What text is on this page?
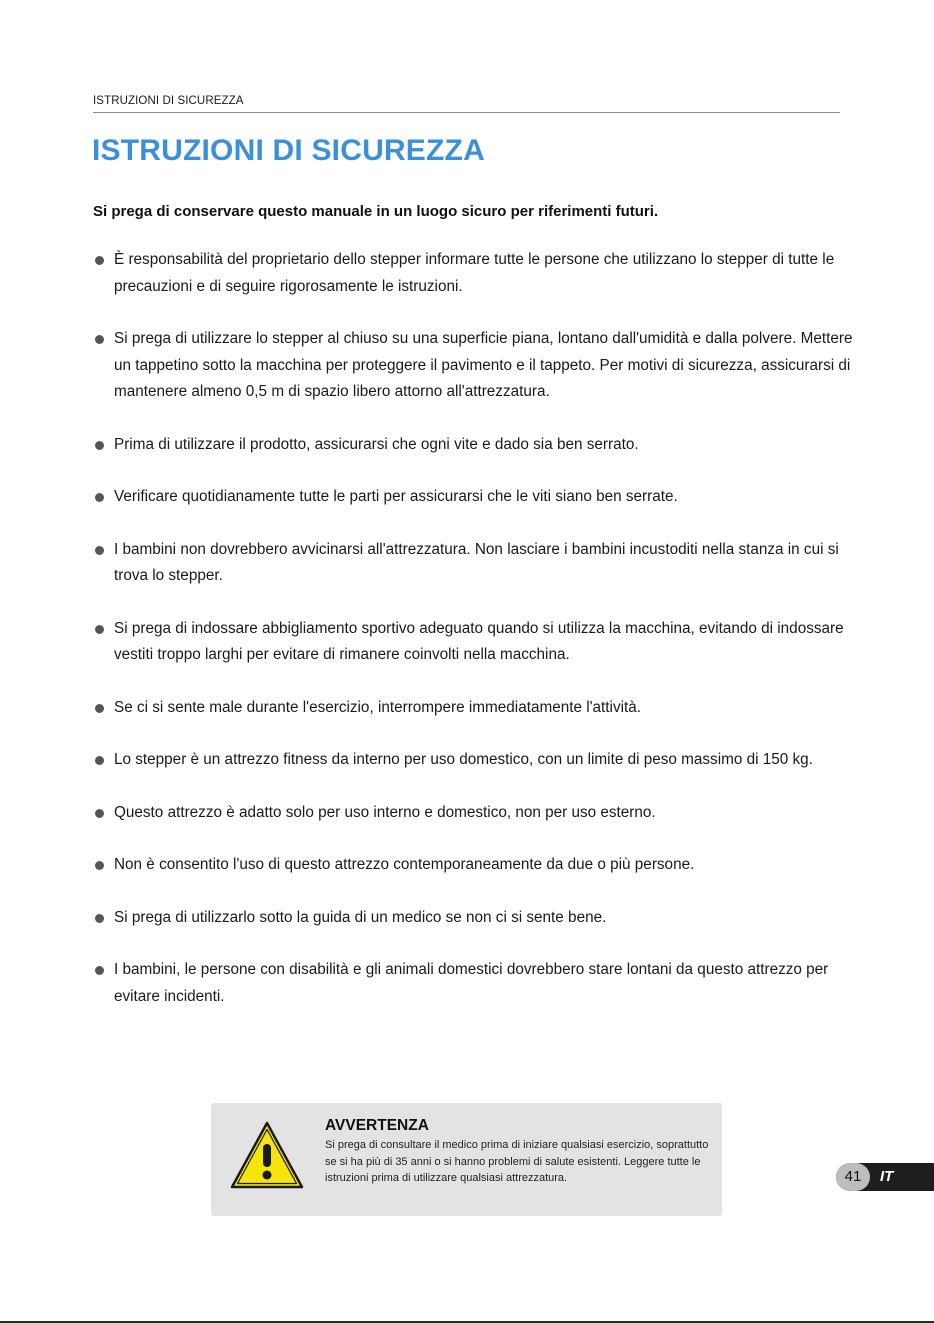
ISTRUZIONI DI SICUREZZA
ISTRUZIONI DI SICUREZZA

Si prega di conservare questo manuale in un luogo sicuro per riferimenti futuri.

È responsabilità del proprietario dello stepper informare tutte le persone che utilizzano lo stepper di tutte le precauzioni e di seguire rigorosamente le istruzioni.
Si prega di utilizzare lo stepper al chiuso su una superficie piana, lontano dall'umidità e dalla polvere. Mettere un tappetino sotto la macchina per proteggere il pavimento e il tappeto. Per motivi di sicurezza, assicurarsi di mantenere almeno 0,5 m di spazio libero attorno all'attrezzatura.
Prima di utilizzare il prodotto, assicurarsi che ogni vite e dado sia ben serrato.
Verificare quotidianamente tutte le parti per assicurarsi che le viti siano ben serrate.
I bambini non dovrebbero avvicinarsi all'attrezzatura. Non lasciare i bambini incustoditi nella stanza in cui si trova lo stepper.
Si prega di indossare abbigliamento sportivo adeguato quando si utilizza la macchina, evitando di indossare vestiti troppo larghi per evitare di rimanere coinvolti nella macchina.
Se ci si sente male durante l'esercizio, interrompere immediatamente l'attività.
Lo stepper è un attrezzo fitness da interno per uso domestico, con un limite di peso massimo di 150 kg.
Questo attrezzo è adatto solo per uso interno e domestico, non per uso esterno.
Non è consentito l'uso di questo attrezzo contemporaneamente da due o più persone.
Si prega di utilizzarlo sotto la guida di un medico se non ci si sente bene.
I bambini, le persone con disabilità e gli animali domestici dovrebbero stare lontani da questo attrezzo per evitare incidenti.

AVVERTENZA

Si prega di consultare il medico prima di iniziare qualsiasi esercizio, soprattutto se si ha più di 35 anni o si hanno problemi di salute esistenti. Leggere tutte le istruzioni prima di utilizzare qualsiasi attrezzatura.	41	IT
